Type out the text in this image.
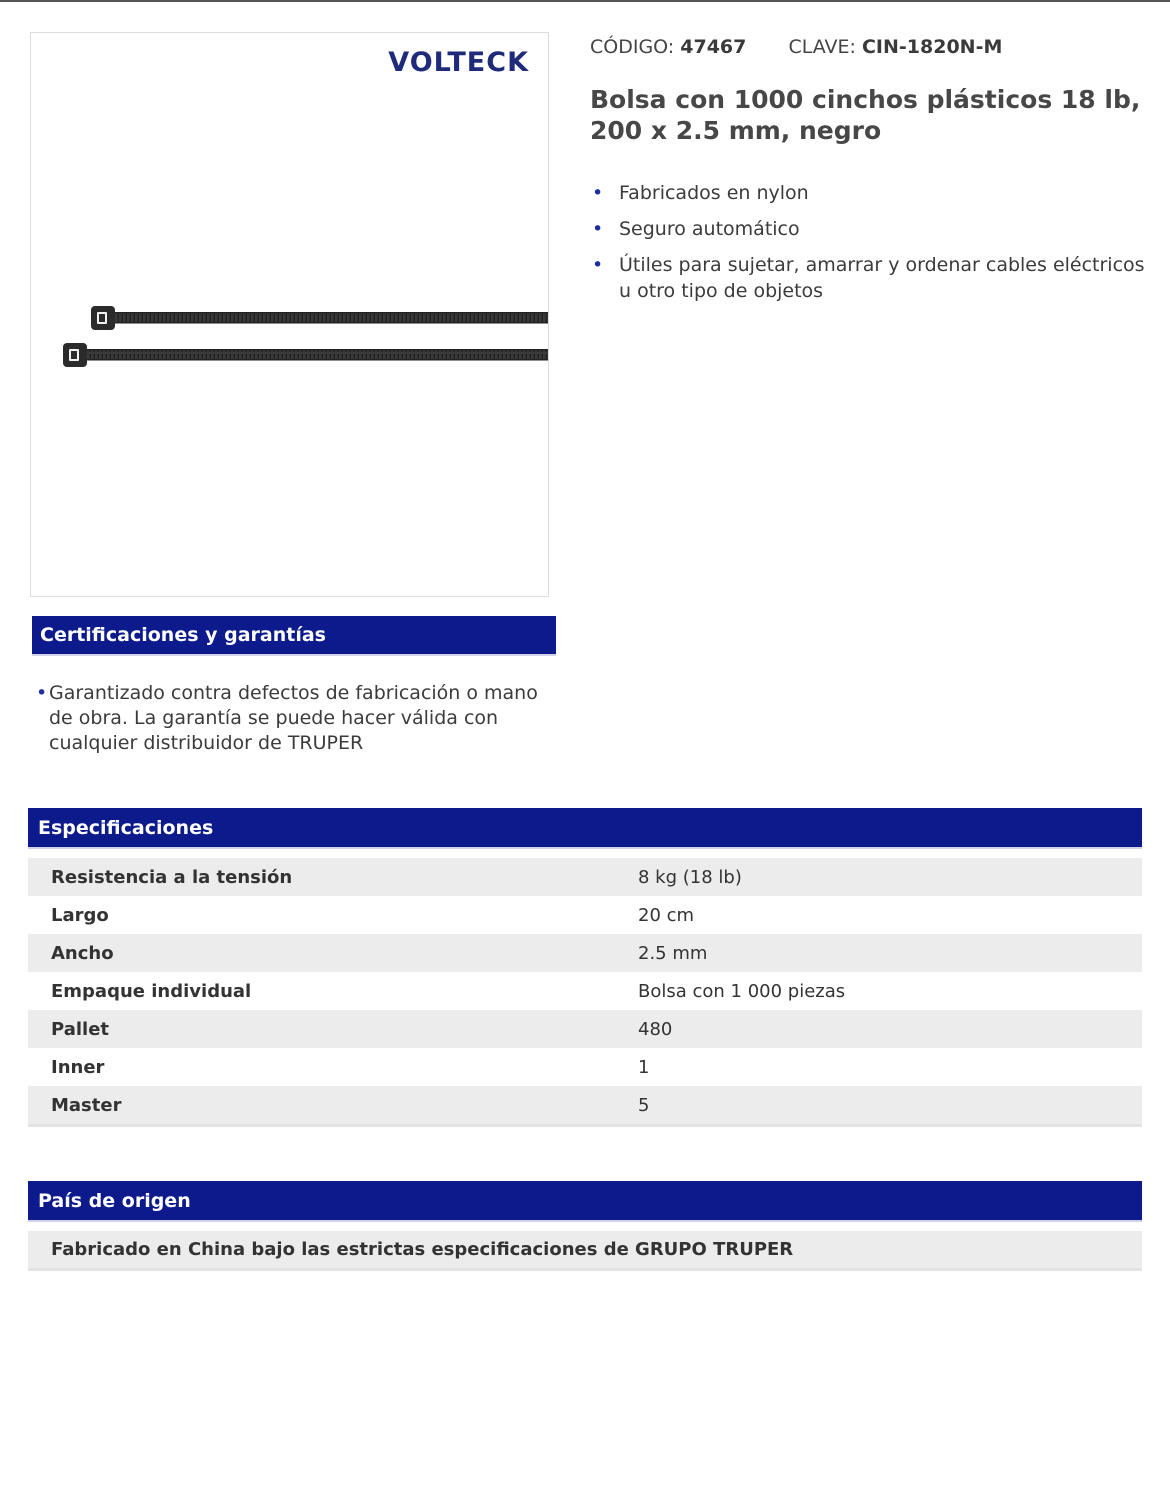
VOLTECK	CÓDIGO: 47467 CLAVE: CIN-1820N-M
Bolsa con 1000 cinchos plásticos 18 lb, 200 x 2.5 mm, negro
• Fabricados en nylon
• Seguro automático
• Útiles para sujetar, amarrar y ordenar cables eléctricos u otro tipo de objetos
Certificaciones y garantías
• Garantizado contra defectos de fabricación o mano de obra. La garantía se puede hacer válida con cualquier distribuidor de TRUPER
Especificaciones
Resistencia a la tensión	8 kg (18 lb)
Largo	20 cm
Ancho	2.5 mm
Empaque individual	Bolsa con 1 000 piezas
Pallet	480
Inner	1
Master	5
País de origen
Fabricado en China bajo las estrictas especificaciones de GRUPO TRUPER
